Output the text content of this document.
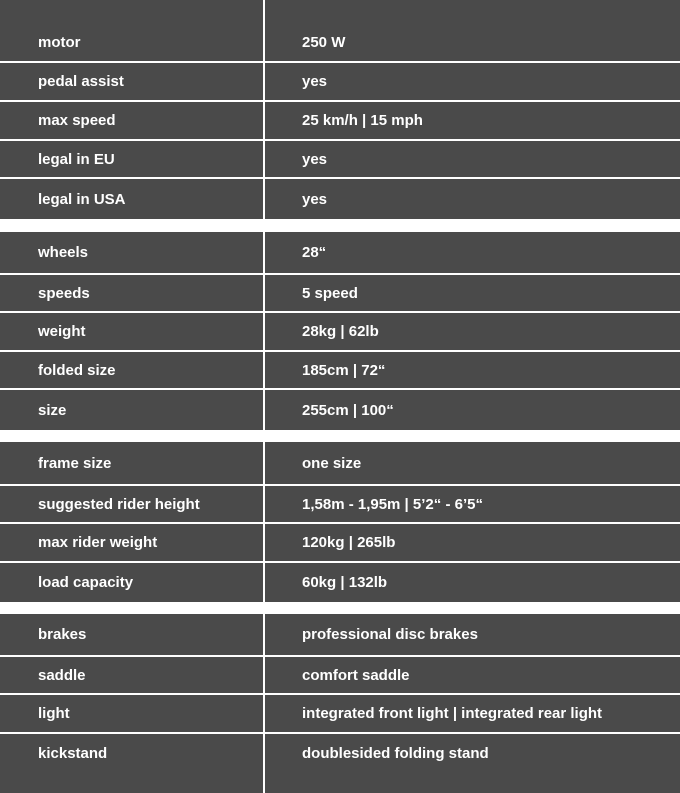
motor	250 W
pedal assist	yes
max speed	25 km/h | 15 mph
legal in EU	yes
legal in USA	yes
wheels	28“
speeds	5 speed
weight	28kg | 62lb
folded size	185cm | 72“
size	255cm | 100“
frame size	one size
suggested rider height	1,58m - 1,95m | 5’2“ - 6’5“
max rider weight	120kg | 265lb
load capacity	60kg | 132lb
brakes	professional disc brakes
saddle	comfort saddle
light	integrated front light | integrated rear light
kickstand	doublesided folding stand
